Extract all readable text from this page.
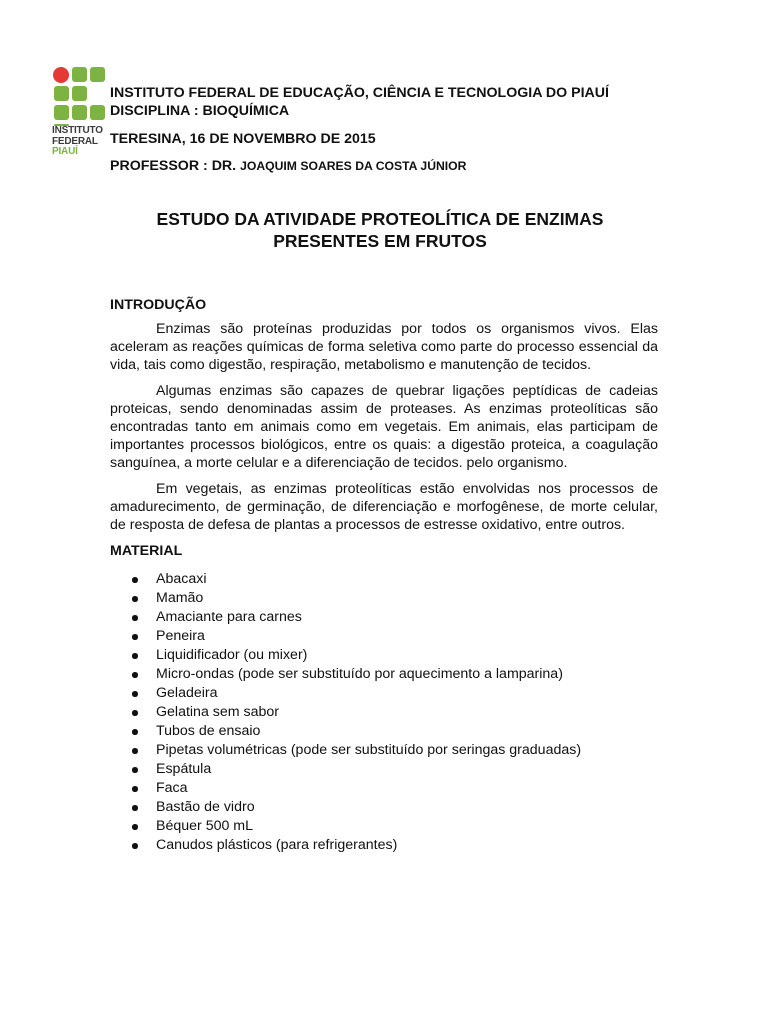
INSTITUTO
FEDERAL
PIAUÍ
INSTITUTO FEDERAL DE EDUCAÇÃO, CIÊNCIA E TECNOLOGIA DO PIAUÍ
DISCIPLINA : BIOQUÍMICA
TERESINA, 16 DE NOVEMBRO DE 2015
PROFESSOR : DR. JOAQUIM SOARES DA COSTA JÚNIOR
ESTUDO DA ATIVIDADE PROTEOLÍTICA DE ENZIMAS
PRESENTES EM FRUTOS
INTRODUÇÃO

Enzimas são proteínas produzidas por todos os organismos vivos. Elas aceleram as reações químicas de forma seletiva como parte do processo essencial da vida, tais como digestão, respiração, metabolismo e manutenção de tecidos.

Algumas enzimas são capazes de quebrar ligações peptídicas de cadeias proteicas, sendo denominadas assim de proteases. As enzimas proteolíticas são encontradas tanto em animais como em vegetais. Em animais, elas participam de importantes processos biológicos, entre os quais: a digestão proteica, a coagulação sanguínea, a morte celular e a diferenciação de tecidos. pelo organismo.

Em vegetais, as enzimas proteolíticas estão envolvidas nos processos de amadurecimento, de germinação, de diferenciação e morfogênese, de morte celular, de resposta de defesa de plantas a processos de estresse oxidativo, entre outros.

MATERIAL
Abacaxi
Mamão
Amaciante para carnes
Peneira
Liquidificador (ou mixer)
Micro-ondas (pode ser substituído por aquecimento a lamparina)
Geladeira
Gelatina sem sabor
Tubos de ensaio
Pipetas volumétricas (pode ser substituído por seringas graduadas)
Espátula
Faca
Bastão de vidro
Béquer 500 mL
Canudos plásticos (para refrigerantes)
